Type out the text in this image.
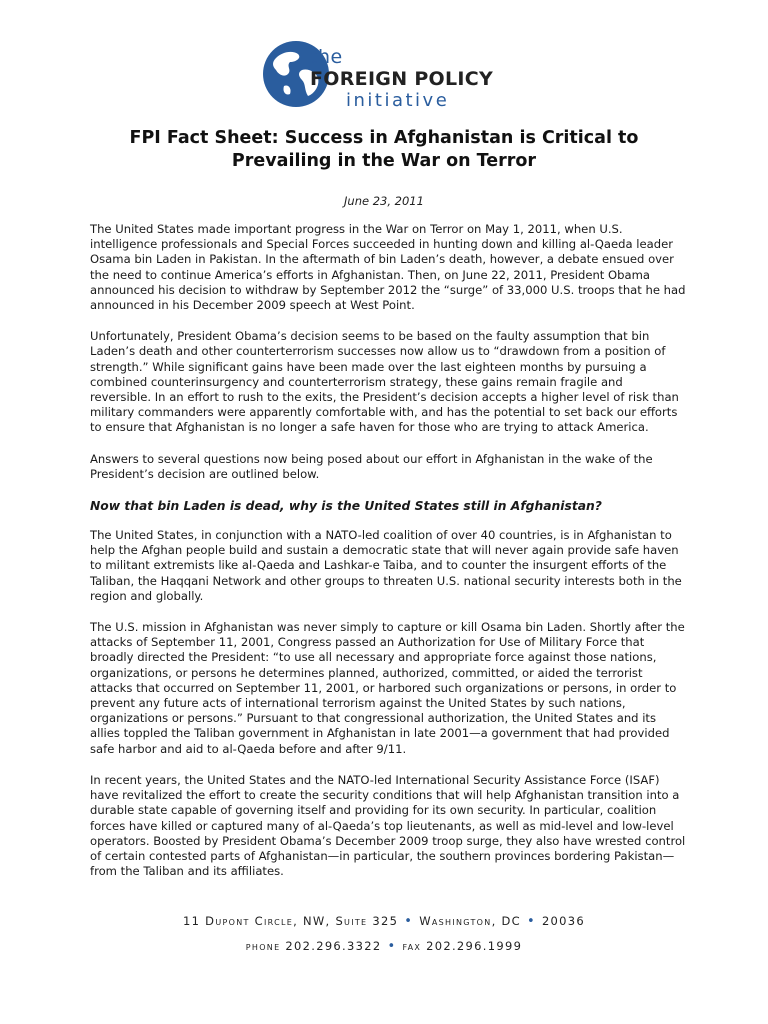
the
FOREIGN POLICY
initiative
FPI Fact Sheet: Success in Afghanistan is Critical to
Prevailing in the War on Terror
June 23, 2011

The United States made important progress in the War on Terror on May 1, 2011, when U.S. intelligence professionals and Special Forces succeeded in hunting down and killing al-Qaeda leader Osama bin Laden in Pakistan. In the aftermath of bin Laden’s death, however, a debate ensued over the need to continue America’s efforts in Afghanistan. Then, on June 22, 2011, President Obama announced his decision to withdraw by September 2012 the “surge” of 33,000 U.S. troops that he had announced in his December 2009 speech at West Point.

Unfortunately, President Obama’s decision seems to be based on the faulty assumption that bin Laden’s death and other counterterrorism successes now allow us to “drawdown from a position of strength.” While significant gains have been made over the last eighteen months by pursuing a combined counterinsurgency and counterterrorism strategy, these gains remain fragile and reversible. In an effort to rush to the exits, the President’s decision accepts a higher level of risk than military commanders were apparently comfortable with, and has the potential to set back our efforts to ensure that Afghanistan is no longer a safe haven for those who are trying to attack America.

Answers to several questions now being posed about our effort in Afghanistan in the wake of the President’s decision are outlined below.

Now that bin Laden is dead, why is the United States still in Afghanistan?

The United States, in conjunction with a NATO-led coalition of over 40 countries, is in Afghanistan to help the Afghan people build and sustain a democratic state that will never again provide safe haven to militant extremists like al-Qaeda and Lashkar-e Taiba, and to counter the insurgent efforts of the Taliban, the Haqqani Network and other groups to threaten U.S. national security interests both in the region and globally.

The U.S. mission in Afghanistan was never simply to capture or kill Osama bin Laden. Shortly after the attacks of September 11, 2001, Congress passed an Authorization for Use of Military Force that broadly directed the President: “to use all necessary and appropriate force against those nations, organizations, or persons he determines planned, authorized, committed, or aided the terrorist attacks that occurred on September 11, 2001, or harbored such organizations or persons, in order to prevent any future acts of international terrorism against the United States by such nations, organizations or persons.” Pursuant to that congressional authorization, the United States and its allies toppled the Taliban government in Afghanistan in late 2001—a government that had provided safe harbor and aid to al-Qaeda before and after 9/11.

In recent years, the United States and the NATO-led International Security Assistance Force (ISAF) have revitalized the effort to create the security conditions that will help Afghanistan transition into a durable state capable of governing itself and providing for its own security. In particular, coalition forces have killed or captured many of al-Qaeda’s top lieutenants, as well as mid-level and low-level operators. Boosted by President Obama’s December 2009 troop surge, they also have wrested control of certain contested parts of Afghanistan—in particular, the southern provinces bordering Pakistan—from the Taliban and its affiliates.

11 Dupont Circle, NW, Suite 325 • Washington, DC • 20036
phone 202.296.3322 • fax 202.296.1999
